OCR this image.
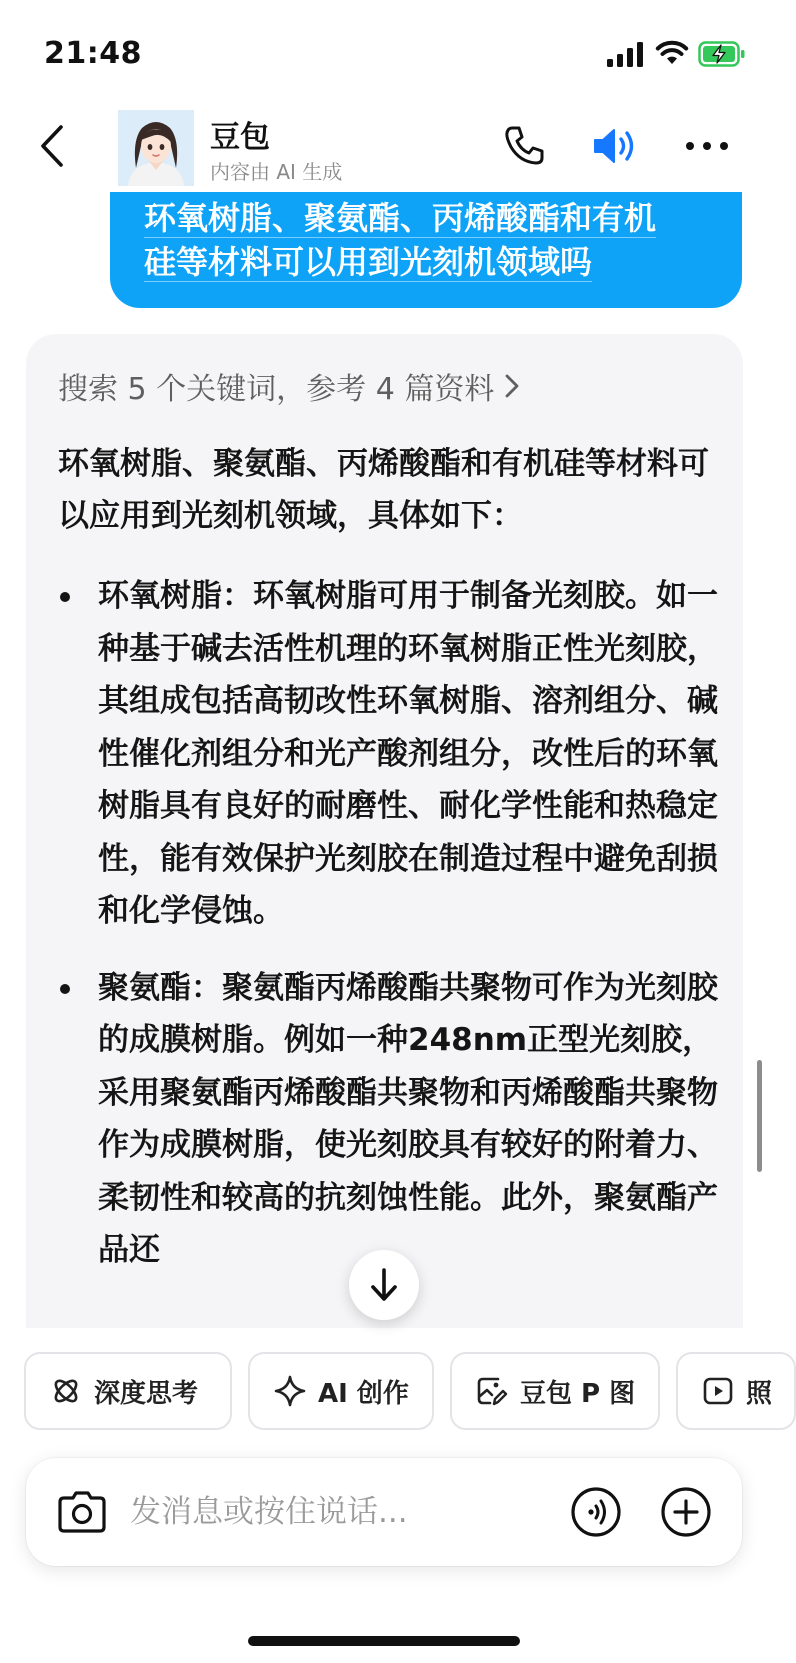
21:48
环氧树脂、聚氨酯、丙烯酸酯和有机
硅等材料可以用到光刻机领域吗
豆包
内容由 AI 生成
搜索 5 个关键词，参考 4 篇资料
环氧树脂、聚氨酯、丙烯酸酯和有机硅等材料可以应用到光刻机领域，具体如下：
环氧树脂：环氧树脂可用于制备光刻胶。如一种基于碱去活性机理的环氧树脂正性光刻胶，其组成包括高韧改性环氧树脂、溶剂组分、碱性催化剂组分和光产酸剂组分，改性后的环氧树脂具有良好的耐磨性、耐化学性能和热稳定性，能有效保护光刻胶在制造过程中避免刮损和化学侵蚀。
聚氨酯：聚氨酯丙烯酸酯共聚物可作为光刻胶的成膜树脂。例如一种248nm正型光刻胶，采用聚氨酯丙烯酸酯共聚物和丙烯酸酯共聚物作为成膜树脂，使光刻胶具有较好的附着力、柔韧性和较高的抗刻蚀性能。此外，聚氨酯产品还
深度思考	AI 创作	豆包 P 图	照
发消息或按住说话...
